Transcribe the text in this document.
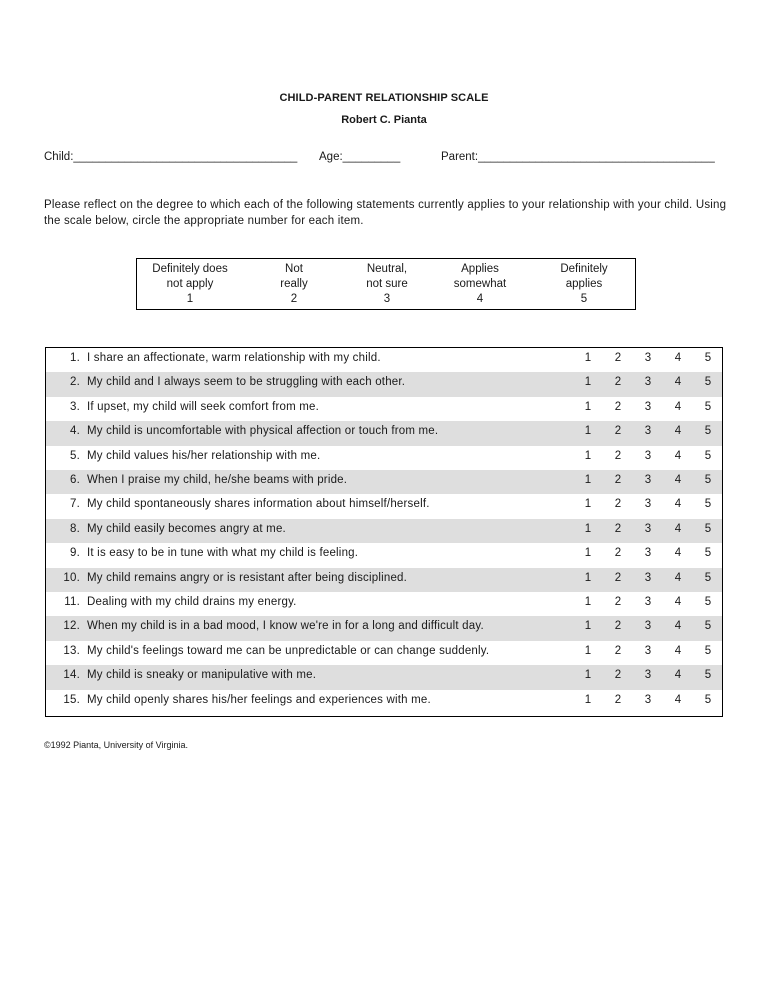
CHILD-PARENT RELATIONSHIP SCALE
Robert C. Pianta
Child:___________________________________ Age:_________	Parent:_____________________________________
Please reflect on the degree to which each of the following statements currently applies to your relationship with your child. Using the scale below, circle the appropriate number for each item.
Definitely does
not apply
1
Not
really
2
Neutral,
not sure
3
Applies
somewhat
4
Definitely
applies
5
1. I share an affectionate, warm relationship with my child.	1	2	3	4	5
2. My child and I always seem to be struggling with each other.	1	2	3	4	5
3. If upset, my child will seek comfort from me.	1	2	3	4	5
4. My child is uncomfortable with physical affection or touch from me.	1	2	3	4	5
5. My child values his/her relationship with me.	1	2	3	4	5
6. When I praise my child, he/she beams with pride.	1	2	3	4	5
7. My child spontaneously shares information about himself/herself.	1	2	3	4	5
8. My child easily becomes angry at me.	1	2	3	4	5
9. It is easy to be in tune with what my child is feeling.	1	2	3	4	5
10. My child remains angry or is resistant after being disciplined.	1	2	3	4	5
11. Dealing with my child drains my energy.	1	2	3	4	5
12. When my child is in a bad mood, I know we're in for a long and difficult day.	1	2	3	4	5
13. My child's feelings toward me can be unpredictable or can change suddenly.	1	2	3	4	5
14. My child is sneaky or manipulative with me.	1	2	3	4	5
15. My child openly shares his/her feelings and experiences with me.	1	2	3	4	5
©1992 Pianta, University of Virginia.
